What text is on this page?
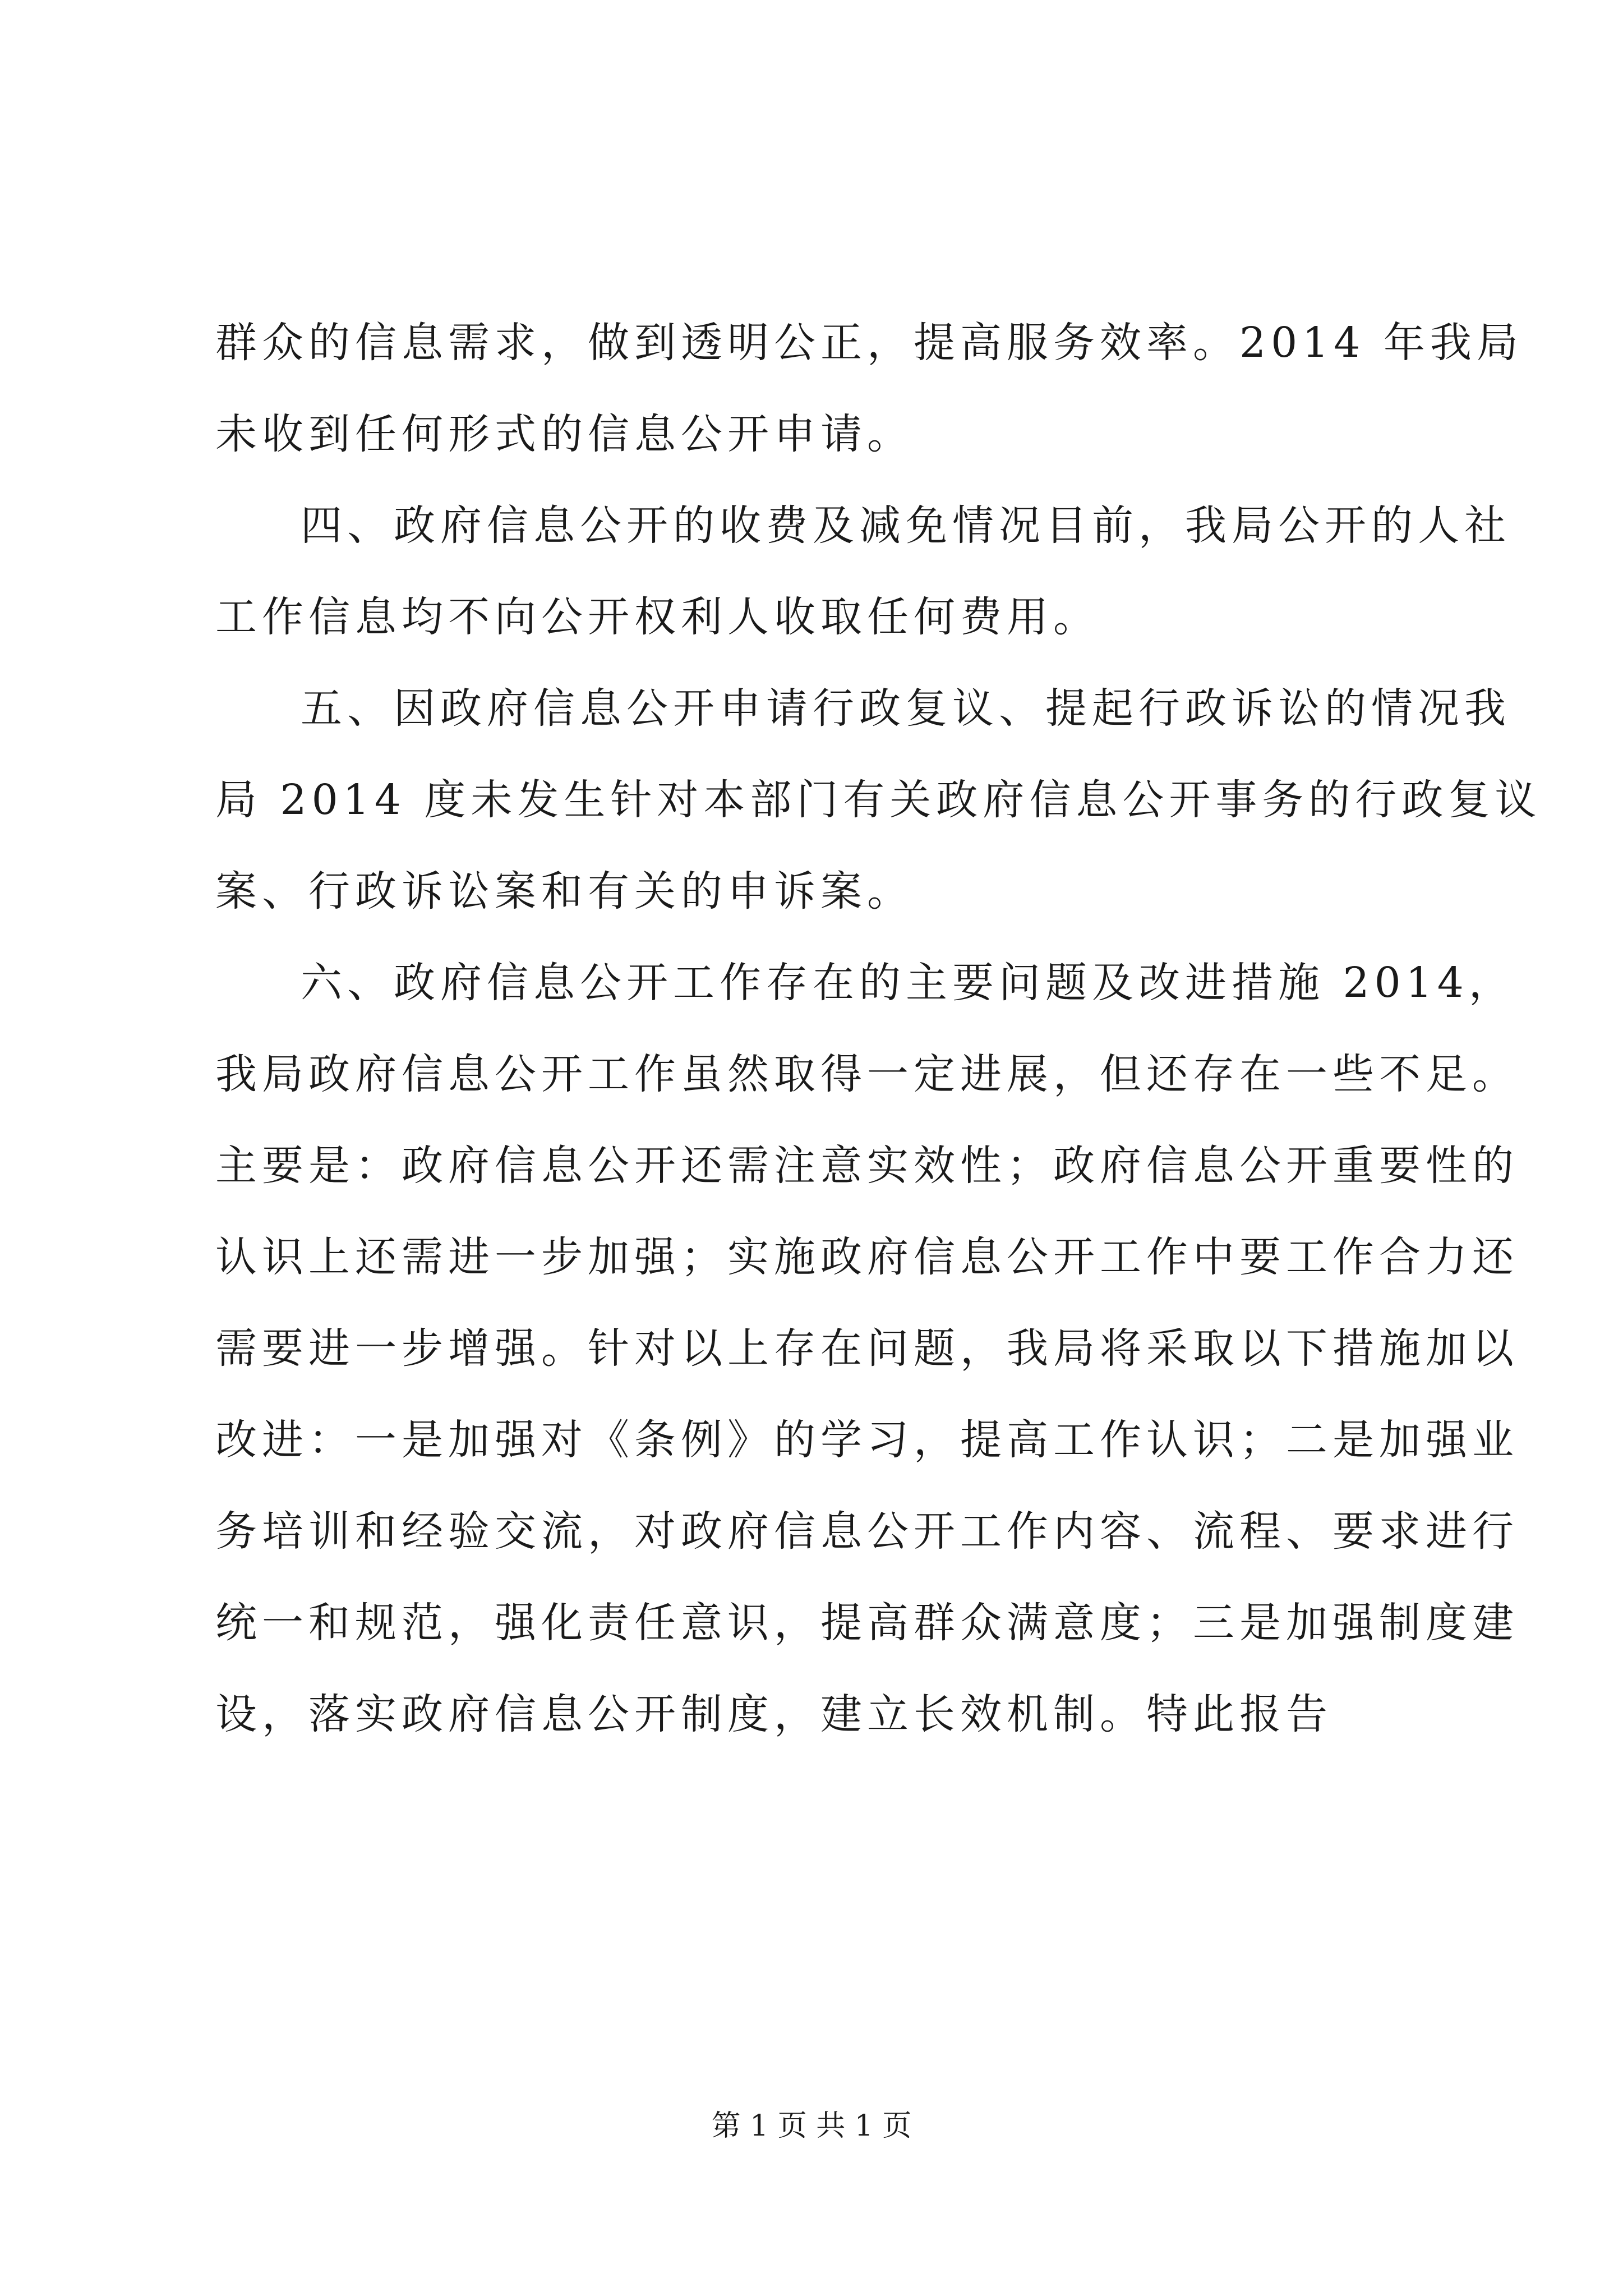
群众的信息需求，做到透明公正，提高服务效率。2014 年我局
未收到任何形式的信息公开申请。
四、政府信息公开的收费及减免情况目前，我局公开的人社
工作信息均不向公开权利人收取任何费用。
五、因政府信息公开申请行政复议、提起行政诉讼的情况我
局 2014 度未发生针对本部门有关政府信息公开事务的行政复议
案、行政诉讼案和有关的申诉案。
六、政府信息公开工作存在的主要问题及改进措施 2014，
我局政府信息公开工作虽然取得一定进展，但还存在一些不足。
主要是：政府信息公开还需注意实效性；政府信息公开重要性的
认识上还需进一步加强；实施政府信息公开工作中要工作合力还
需要进一步增强。针对以上存在问题，我局将采取以下措施加以
改进：一是加强对《条例》的学习，提高工作认识；二是加强业
务培训和经验交流，对政府信息公开工作内容、流程、要求进行
统一和规范，强化责任意识，提高群众满意度；三是加强制度建
设，落实政府信息公开制度，建立长效机制。特此报告
第 1 页 共 1 页
